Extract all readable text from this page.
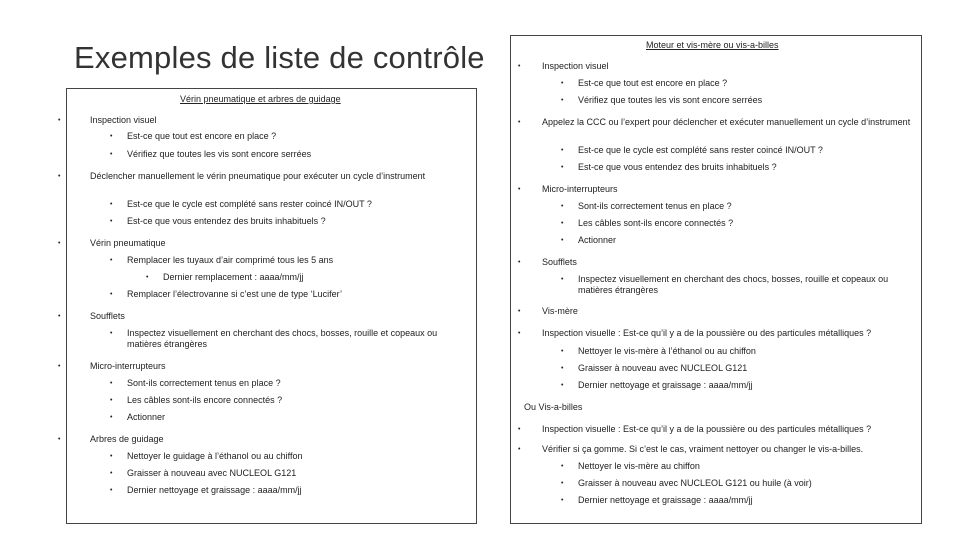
Exemples de liste de contrôle
Vérin pneumatique et arbres de guidage
•	Inspection visuel
• Est-ce que tout est encore en place ?
• Vérifiez que toutes les vis sont encore serrées
•	Déclencher manuellement le vérin pneumatique pour exécuter un cycle d’instrument
• Est-ce que le cycle est complété sans rester coincé IN/OUT ?
• Est-ce que vous entendez des bruits inhabituels ?
•	Vérin pneumatique
• Remplacer les tuyaux d’air comprimé tous les 5 ans
• Dernier remplacement : aaaa/mm/jj
• Remplacer l’électrovanne si c’est une de type ‘Lucifer’
•	Soufflets
• Inspectez visuellement en cherchant des chocs, bosses, rouille et copeaux ou matières étrangères
•	Micro-interrupteurs
• Sont-ils correctement tenus en place ?
• Les câbles sont-ils encore connectés ?
• Actionner
•	Arbres de guidage
• Nettoyer le guidage à l’éthanol ou au chiffon
• Graisser à nouveau avec NUCLEOL G121
• Dernier nettoyage et graissage : aaaa/mm/jj
Moteur et vis-mère ou vis-a-billes
• Inspection visuel
• Est-ce que tout est encore en place ?
• Vérifiez que toutes les vis sont encore serrées
• Appelez la CCC ou l’expert pour déclencher et exécuter manuellement un cycle d’instrument
• Est-ce que le cycle est complété sans rester coincé IN/OUT ?
• Est-ce que vous entendez des bruits inhabituels ?
• Micro-interrupteurs
• Sont-ils correctement tenus en place ?
• Les câbles sont-ils encore connectés ?
• Actionner
• Soufflets
• Inspectez visuellement en cherchant des chocs, bosses, rouille et copeaux ou matières étrangères
• Vis-mère
• Inspection visuelle : Est-ce qu’il y a de la poussière ou des particules métalliques ?
• Nettoyer le vis-mère à l’éthanol ou au chiffon
• Graisser à nouveau avec NUCLEOL G121
• Dernier nettoyage et graissage : aaaa/mm/jj
Ou Vis-a-billes
• Inspection visuelle : Est-ce qu’il y a de la poussière ou des particules métalliques ?
• Vérifier si ça gomme. Si c’est le cas, vraiment nettoyer ou changer le vis-a-billes.
• Nettoyer le vis-mère au chiffon
• Graisser à nouveau avec NUCLEOL G121 ou huile (à voir)
• Dernier nettoyage et graissage : aaaa/mm/jj
